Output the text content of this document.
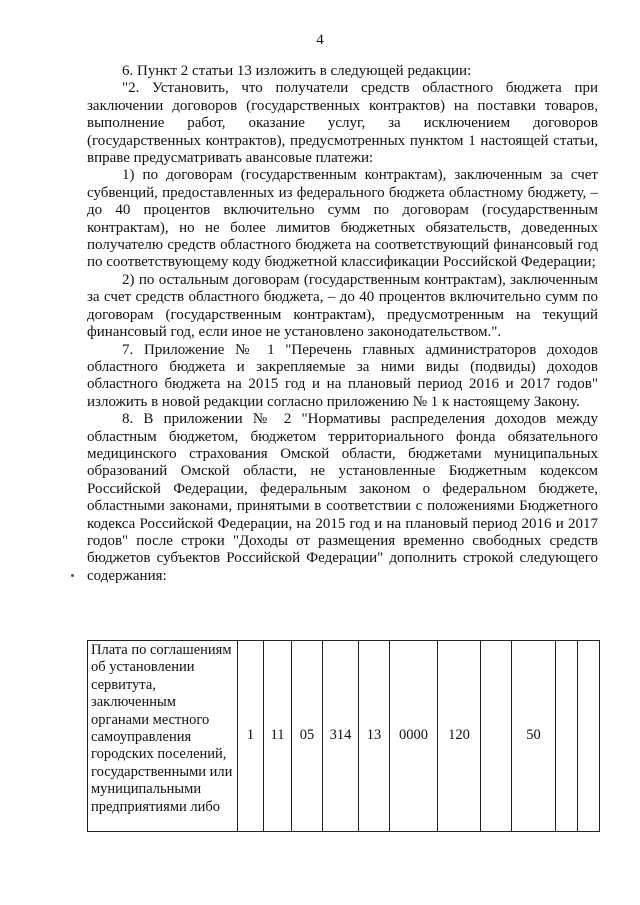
4

6. Пункт 2 статьи 13 изложить в следующей редакции:

"2. Установить, что получатели средств областного бюджета при заключении договоров (государственных контрактов) на поставки товаров, выполнение работ, оказание услуг, за исключением договоров (государственных контрактов), предусмотренных пунктом 1 настоящей статьи, вправе предусматривать авансовые платежи:

1) по договорам (государственным контрактам), заключенным за счет субвенций, предоставленных из федерального бюджета областному бюджету, – до 40 процентов включительно сумм по договорам (государственным контрактам), но не более лимитов бюджетных обязательств, доведенных получателю средств областного бюджета на соответствующий финансовый год по соответствующему коду бюджетной классификации Российской Федерации;

2) по остальным договорам (государственным контрактам), заключенным за счет средств областного бюджета, – до 40 процентов включительно сумм по договорам (государственным контрактам), предусмотренным на текущий финансовый год, если иное не установлено законодательством.".

7. Приложение № 1 "Перечень главных администраторов доходов областного бюджета и закрепляемые за ними виды (подвиды) доходов областного бюджета на 2015 год и на плановый период 2016 и 2017 годов" изложить в новой редакции согласно приложению № 1 к настоящему Закону.

8. В приложении № 2 "Нормативы распределения доходов между областным бюджетом, бюджетом территориального фонда обязательного медицинского страхования Омской области, бюджетами муниципальных образований Омской области, не установленные Бюджетным кодексом Российской Федерации, федеральным законом о федеральном бюджете, областными законами, принятыми в соответствии с положениями Бюджетного кодекса Российской Федерации, на 2015 год и на плановый период 2016 и 2017 годов" после строки "Доходы от размещения временно свободных средств бюджетов субъектов Российской Федерации" дополнить строкой следующего содержания:

Плата по соглашениям об установлении сервитута, заключенным органами местного самоуправления городских поселений, государственными или муниципальными предприятиями либо	1	11	05	314	13	0000	120		50		
